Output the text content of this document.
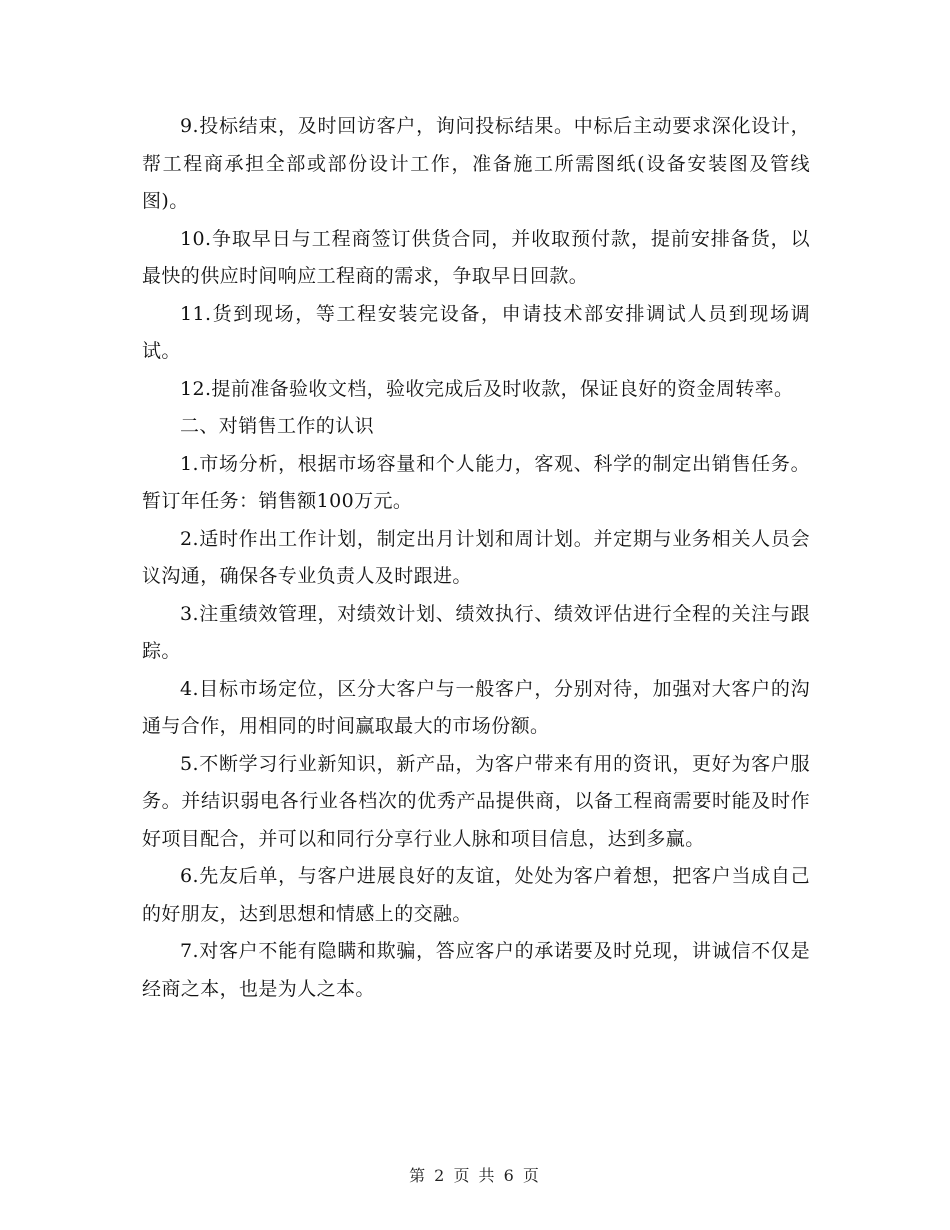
9.投标结束，及时回访客户，询问投标结果。中标后主动要求深化设计，帮工程商承担全部或部份设计工作，准备施工所需图纸(设备安装图及管线图)。

10.争取早日与工程商签订供货合同，并收取预付款，提前安排备货，以最快的供应时间响应工程商的需求，争取早日回款。

11.货到现场，等工程安装完设备，申请技术部安排调试人员到现场调试。

12.提前准备验收文档，验收完成后及时收款，保证良好的资金周转率。

二、对销售工作的认识

1.市场分析，根据市场容量和个人能力，客观、科学的制定出销售任务。暂订年任务：销售额100万元。

2.适时作出工作计划，制定出月计划和周计划。并定期与业务相关人员会议沟通，确保各专业负责人及时跟进。

3.注重绩效管理，对绩效计划、绩效执行、绩效评估进行全程的关注与跟踪。

4.目标市场定位，区分大客户与一般客户，分别对待，加强对大客户的沟通与合作，用相同的时间赢取最大的市场份额。

5.不断学习行业新知识，新产品，为客户带来有用的资讯，更好为客户服务。并结识弱电各行业各档次的优秀产品提供商，以备工程商需要时能及时作好项目配合，并可以和同行分享行业人脉和项目信息，达到多赢。

6.先友后单，与客户进展良好的友谊，处处为客户着想，把客户当成自己的好朋友，达到思想和情感上的交融。

7.对客户不能有隐瞒和欺骗，答应客户的承诺要及时兑现，讲诚信不仅是经商之本，也是为人之本。

第 2 页 共 6 页
